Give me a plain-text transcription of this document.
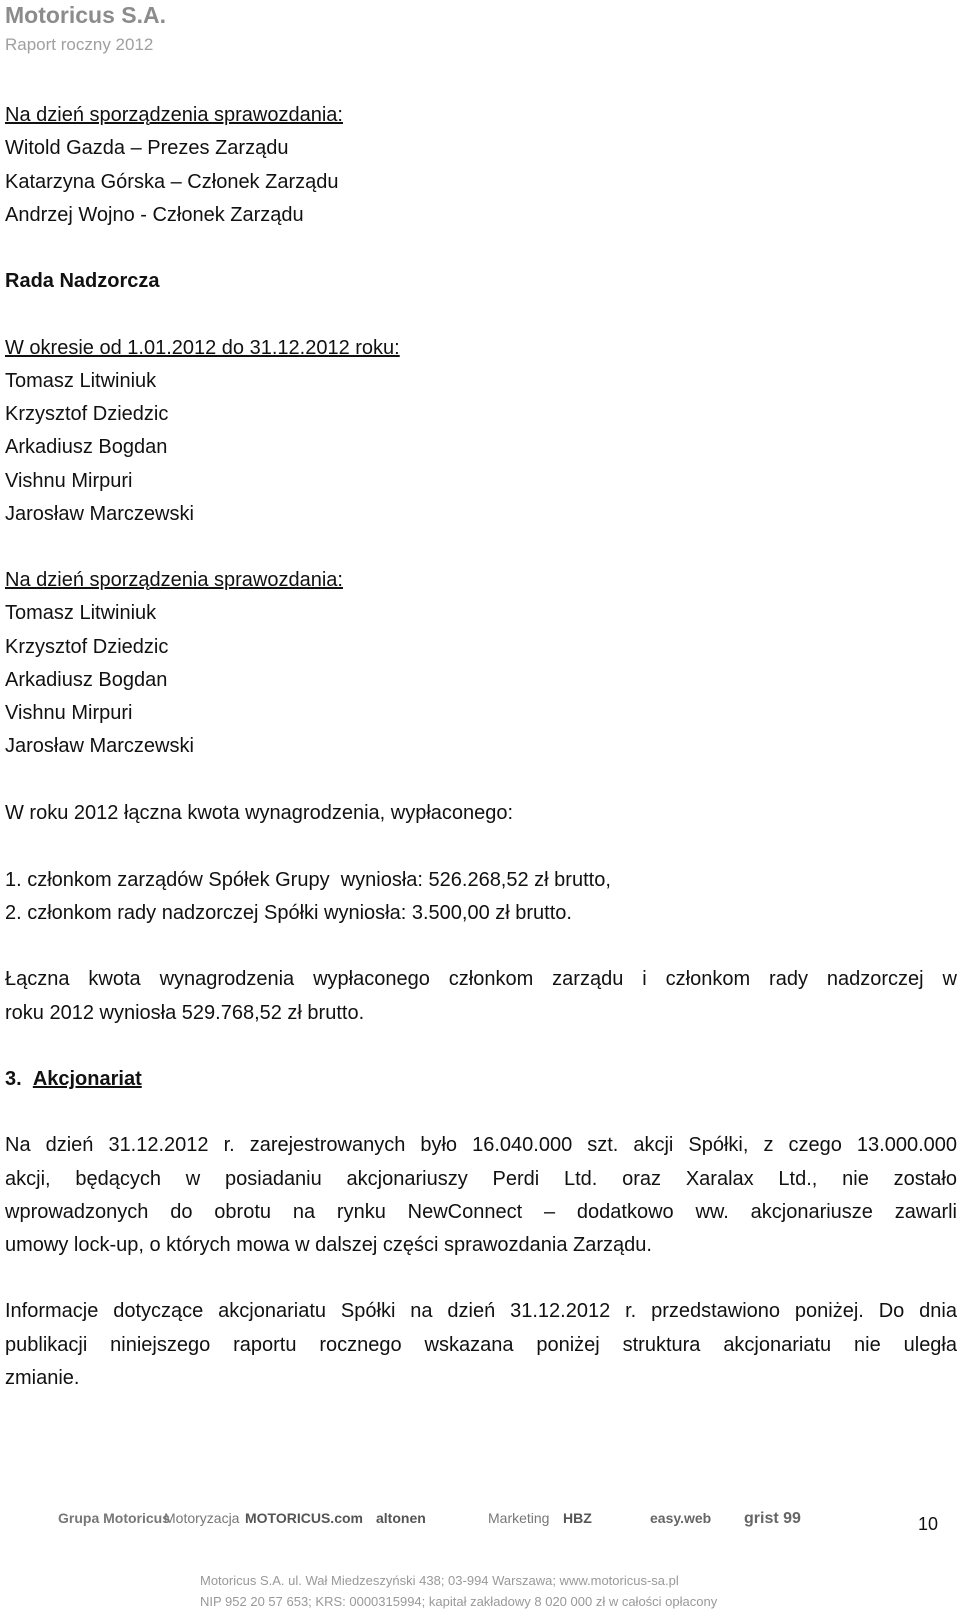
Motoricus S.A.
Raport roczny 2012
Na dzień sporządzenia sprawozdania:
Witold Gazda – Prezes Zarządu
Katarzyna Górska – Członek Zarządu
Andrzej Wojno - Członek Zarządu
Rada Nadzorcza
W okresie od 1.01.2012 do 31.12.2012 roku:
Tomasz Litwiniuk
Krzysztof Dziedzic
Arkadiusz Bogdan
Vishnu Mirpuri
Jarosław Marczewski
Na dzień sporządzenia sprawozdania:
Tomasz Litwiniuk
Krzysztof Dziedzic
Arkadiusz Bogdan
Vishnu Mirpuri
Jarosław Marczewski
W roku 2012 łączna kwota wynagrodzenia, wypłaconego:
1. członkom zarządów Spółek Grupy  wyniosła: 526.268,52 zł brutto,
2. członkom rady nadzorczej Spółki wyniosła: 3.500,00 zł brutto.
Łączna kwota wynagrodzenia wypłaconego członkom zarządu i członkom rady nadzorczej w
roku 2012 wyniosła 529.768,52 zł brutto.
3. Akcjonariat
Na dzień 31.12.2012 r. zarejestrowanych było 16.040.000 szt. akcji Spółki, z czego 13.000.000
akcji, będących w posiadaniu akcjonariuszy Perdi Ltd. oraz Xaralax Ltd., nie zostało
wprowadzonych do obrotu na rynku NewConnect – dodatkowo ww. akcjonariusze zawarli
umowy lock-up, o których mowa w dalszej części sprawozdania Zarządu.
Informacje dotyczące akcjonariatu Spółki na dzień 31.12.2012 r. przedstawiono poniżej. Do dnia
publikacji niniejszego raportu rocznego wskazana poniżej struktura akcjonariatu nie uległa
zmianie.
Grupa Motoricus
Motoryzacja MOTORICUS.com altonen	Marketing HBZ	easy.web grist 99	10
Motoricus S.A. ul. Wał Miedzeszyński 438; 03-994 Warszawa; www.motoricus-sa.pl
NIP 952 20 57 653; KRS: 0000315994; kapitał zakładowy 8 020 000 zł w całości opłacony
